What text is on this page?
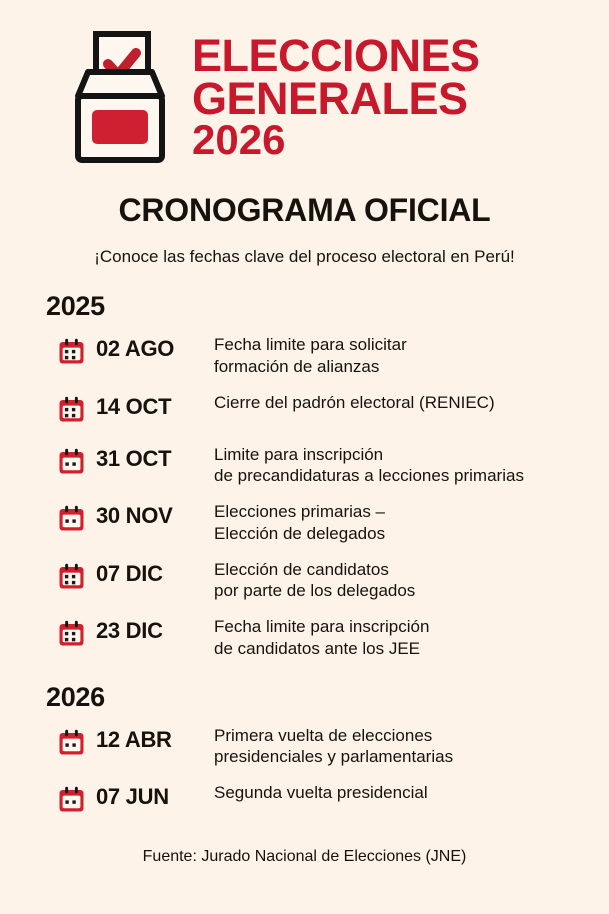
ELECCIONES
GENERALES
2026
CRONOGRAMA OFICIAL
¡Conoce las fechas clave del proceso electoral en Perú!
2025
02 AGO	Fecha limite para solicitar
formación de alianzas
14 OCT	Cierre del padrón electoral (RENIEC)
31 OCT	Limite para inscripción
de precandidaturas a lecciones primarias
30 NOV	Elecciones primarias –
Elección de delegados
07 DIC	Elección de candidatos
por parte de los delegados
23 DIC	Fecha limite para inscripción
de candidatos ante los JEE
2026
12 ABR	Primera vuelta de elecciones
presidenciales y parlamentarias
07 JUN	Segunda vuelta presidencial
Fuente: Jurado Nacional de Elecciones (JNE)
